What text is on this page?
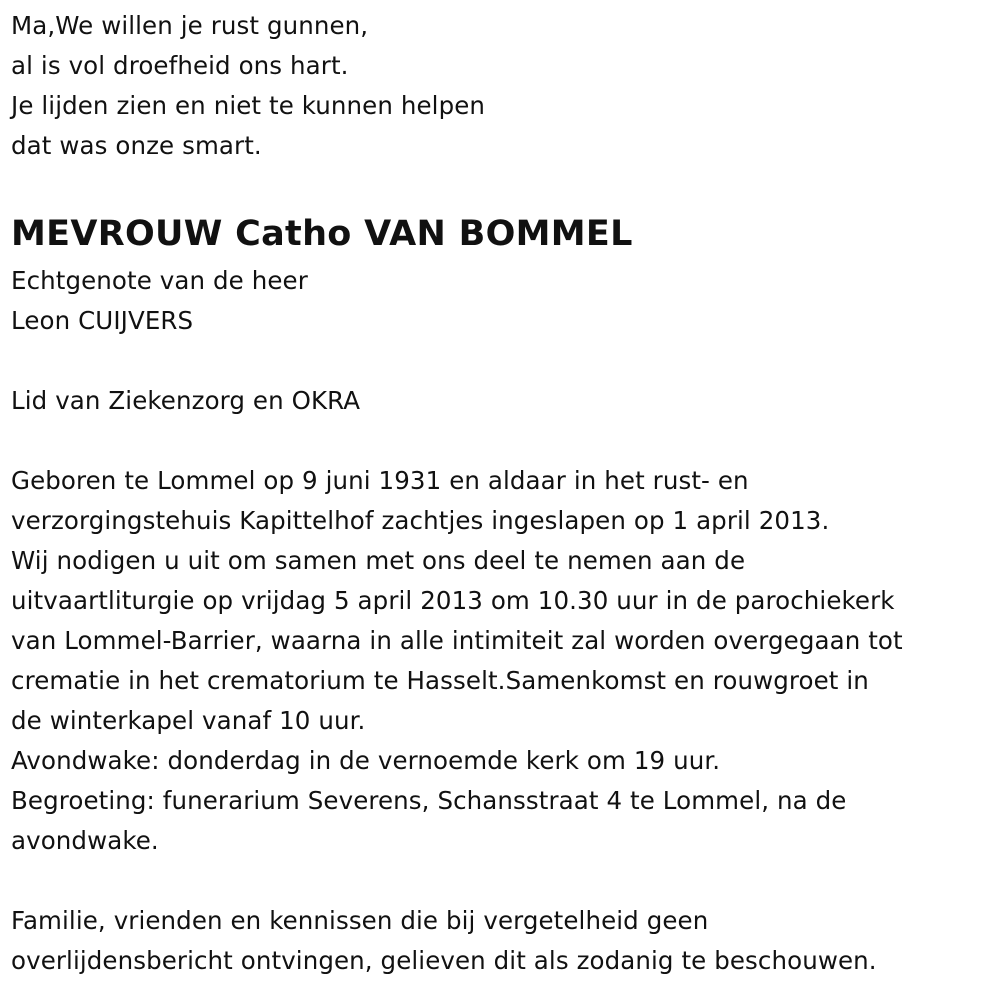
Ma,We willen je rust gunnen,
al is vol droefheid ons hart.
Je lijden zien en niet te kunnen helpen
dat was onze smart.
MEVROUW Catho VAN BOMMEL
Echtgenote van de heer
Leon CUIJVERS
Lid van Ziekenzorg en OKRA
Geboren te Lommel op 9 juni 1931 en aldaar in het rust- en
verzorgingstehuis Kapittelhof zachtjes ingeslapen op 1 april 2013.
Wij nodigen u uit om samen met ons deel te nemen aan de
uitvaartliturgie op vrijdag 5 april 2013 om 10.30 uur in de parochiekerk
van Lommel-Barrier, waarna in alle intimiteit zal worden overgegaan tot
crematie in het crematorium te Hasselt.Samenkomst en rouwgroet in
de winterkapel vanaf 10 uur.
Avondwake: donderdag in de vernoemde kerk om 19 uur.
Begroeting: funerarium Severens, Schansstraat 4 te Lommel, na de
avondwake.
Familie, vrienden en kennissen die bij vergetelheid geen
overlijdensbericht ontvingen, gelieven dit als zodanig te beschouwen.
